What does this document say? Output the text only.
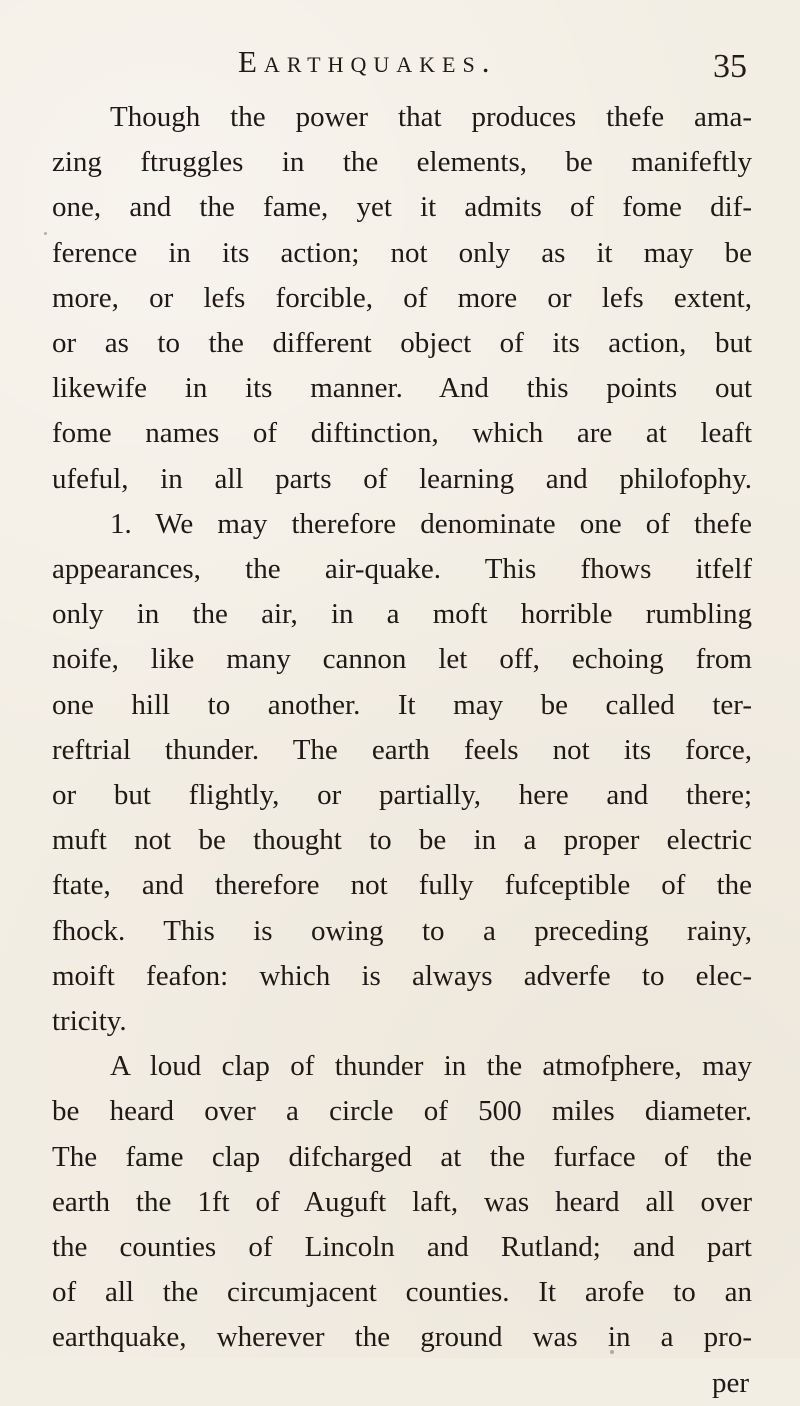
Earthquakes.	35
Though the power that produces thefe ama-
zing ftruggles in the elements, be manifeftly
one, and the fame, yet it admits of fome dif-
ference in its action; not only as it may be
more, or lefs forcible, of more or lefs extent,
or as to the different object of its action, but
likewife in its manner. And this points out
fome names of diftinction, which are at leaft
ufeful, in all parts of learning and philofophy.
1. We may therefore denominate one of thefe
appearances, the air-quake. This fhows itfelf
only in the air, in a moft horrible rumbling
noife, like many cannon let off, echoing from
one hill to another. It may be called ter-
reftrial thunder. The earth feels not its force,
or but flightly, or partially, here and there;
muft not be thought to be in a proper electric
ftate, and therefore not fully fufceptible of the
fhock. This is owing to a preceding rainy,
moift feafon: which is always adverfe to elec-
tricity.
A loud clap of thunder in the atmofphere, may
be heard over a circle of 500 miles diameter.
The fame clap difcharged at the furface of the
earth the 1ft of Auguft laft, was heard all over
the counties of Lincoln and Rutland; and part
of all the circumjacent counties. It arofe to an
earthquake, wherever the ground was in a pro-
per
